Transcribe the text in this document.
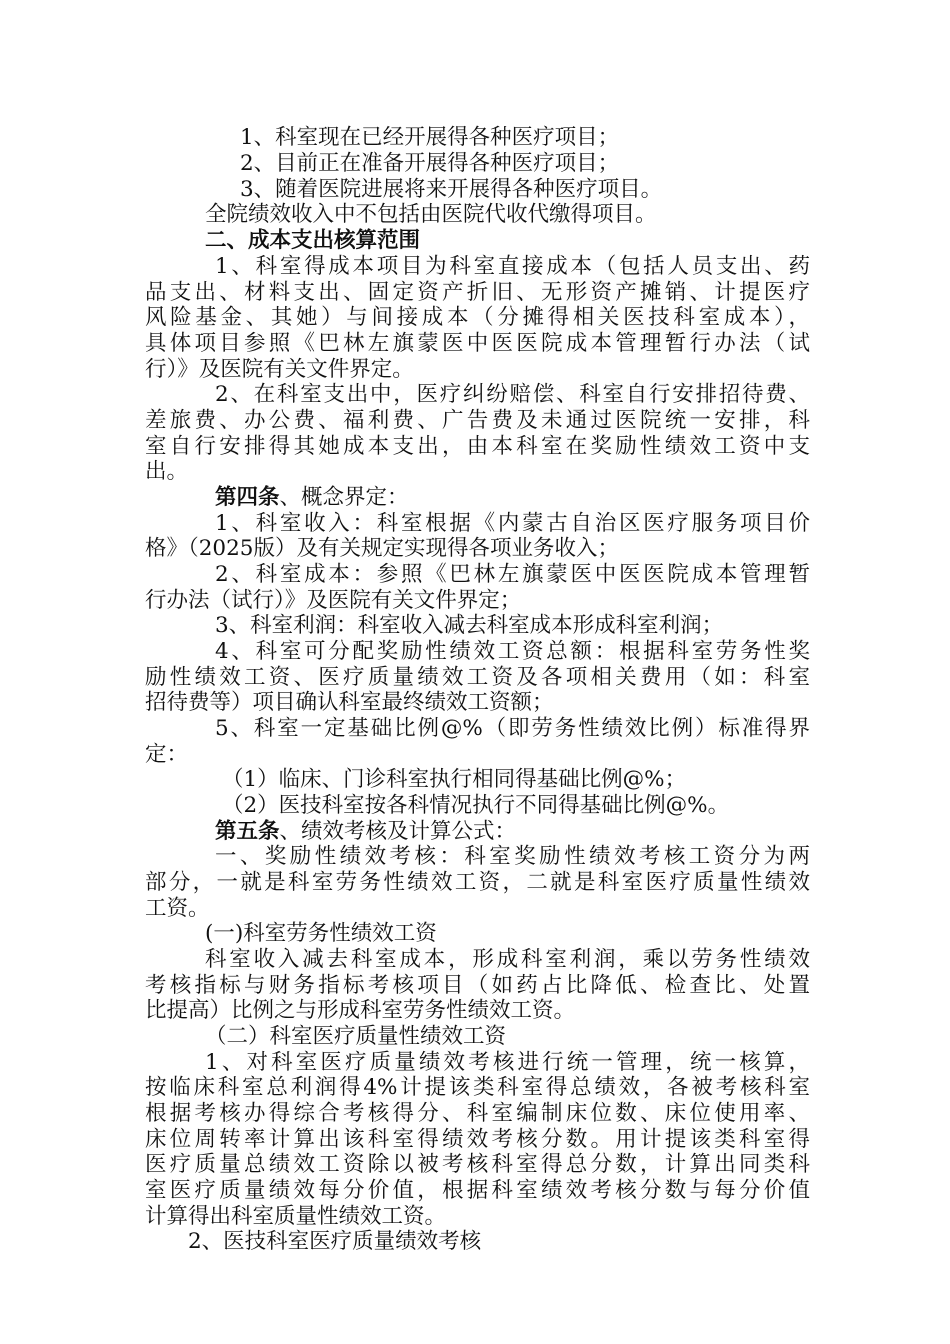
1、科室现在已经开展得各种医疗项目；
2、目前正在准备开展得各种医疗项目；
3、随着医院进展将来开展得各种医疗项目。
全院绩效收入中不包括由医院代收代缴得项目。
二、成本支出核算范围
1、科室得成本项目为科室直接成本（包括人员支出、药
品支出、材料支出、固定资产折旧、无形资产摊销、计提医疗
风险基金、其她）与间接成本（分摊得相关医技科室成本），
具体项目参照《巴林左旗蒙医中医医院成本管理暂行办法（试
行）》及医院有关文件界定。
2、在科室支出中，医疗纠纷赔偿、科室自行安排招待费、
差旅费、办公费、福利费、广告费及未通过医院统一安排，科
室自行安排得其她成本支出，由本科室在奖励性绩效工资中支
出。
第四条、概念界定：
1、科室收入：科室根据《内蒙古自治区医疗服务项目价
格》（2025版）及有关规定实现得各项业务收入；
2、科室成本：参照《巴林左旗蒙医中医医院成本管理暂
行办法（试行）》及医院有关文件界定；
3、科室利润：科室收入减去科室成本形成科室利润；
4、科室可分配奖励性绩效工资总额：根据科室劳务性奖
励性绩效工资、医疗质量绩效工资及各项相关费用（如：科室
招待费等）项目确认科室最终绩效工资额；
5、科室一定基础比例@%（即劳务性绩效比例）标准得界
定：
（1）临床、门诊科室执行相同得基础比例@%；
（2）医技科室按各科情况执行不同得基础比例@%。
第五条、绩效考核及计算公式：
一、奖励性绩效考核：科室奖励性绩效考核工资分为两
部分，一就是科室劳务性绩效工资，二就是科室医疗质量性绩效
工资。
(一)科室劳务性绩效工资
科室收入减去科室成本，形成科室利润，乘以劳务性绩效
考核指标与财务指标考核项目（如药占比降低、检查比、处置
比提高）比例之与形成科室劳务性绩效工资。
（二）科室医疗质量性绩效工资
1、对科室医疗质量绩效考核进行统一管理，统一核算，
按临床科室总利润得4%计提该类科室得总绩效，各被考核科室
根据考核办得综合考核得分、科室编制床位数、床位使用率、
床位周转率计算出该科室得绩效考核分数。用计提该类科室得
医疗质量总绩效工资除以被考核科室得总分数，计算出同类科
室医疗质量绩效每分价值，根据科室绩效考核分数与每分价值
计算得出科室质量性绩效工资。
2、医技科室医疗质量绩效考核
